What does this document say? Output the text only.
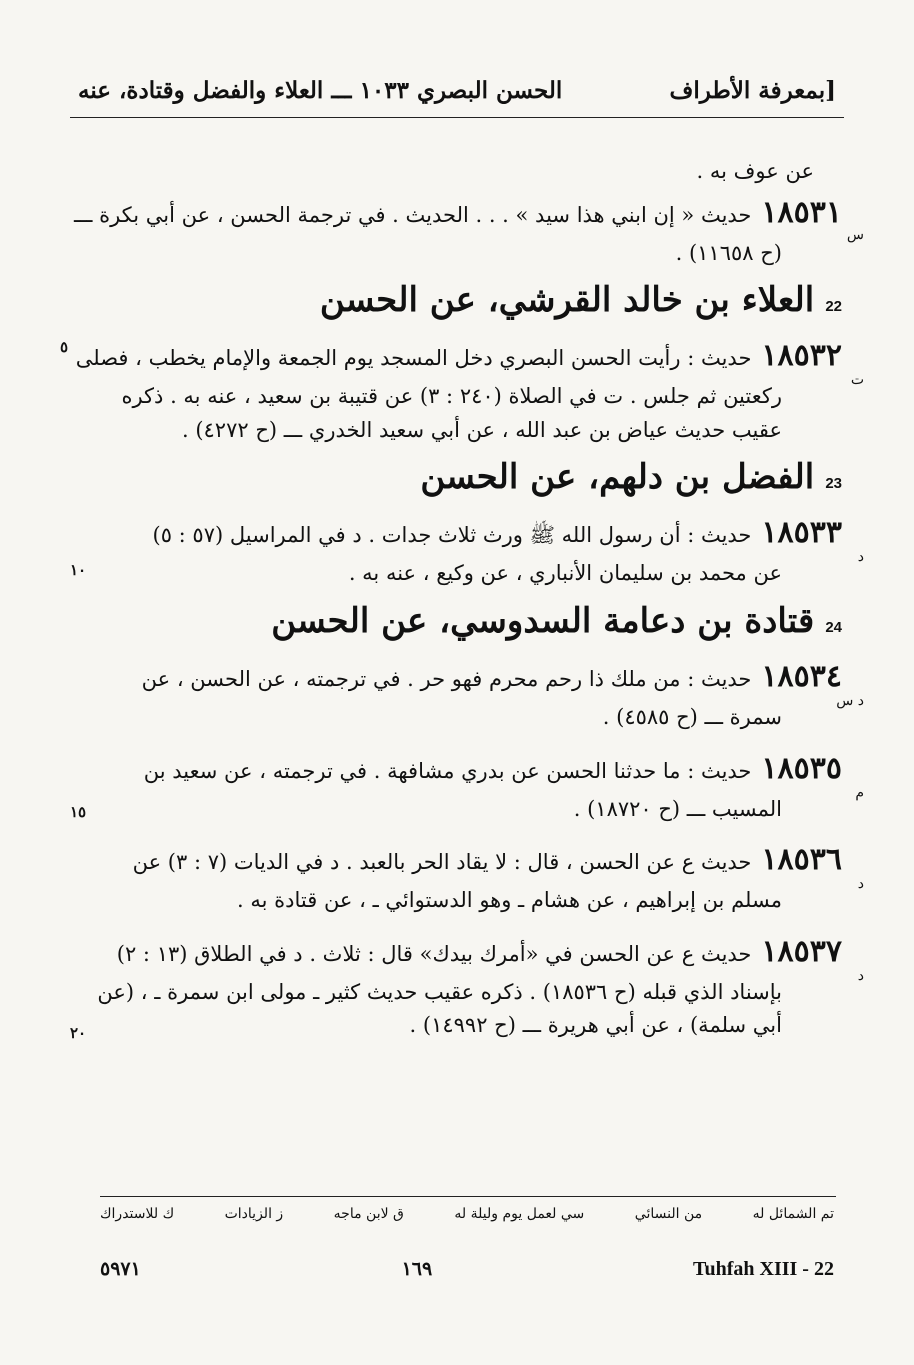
بمعرفة الأطراف]
الحسن البصري ١٠٣٣ ـــ العلاء والفضل وقتادة، عنه
عن عوف به .
١٨٥٣١حديث « إن ابني هذا سيد » . . . الحديث . في ترجمة الحسن ، عن أبي بكرة ـــ
س
(ح ١١٦٥٨) .
22 العلاء بن خالد القرشي، عن الحسن
١٨٥٣٢حديث : رأيت الحسن البصري دخل المسجد يوم الجمعة والإمام يخطب ، فصلى
ت
٥
ركعتين ثم جلس . ت في الصلاة (٢٤٠ : ٣) عن قتيبة بن سعيد ، عنه به . ذكره
عقيب حديث عياض بن عبد الله ، عن أبي سعيد الخدري ـــ (ح ٤٢٧٢) .
23 الفضل بن دلهم، عن الحسن
١٨٥٣٣حديث : أن رسول الله ﷺ ورث ثلاث جدات . د في المراسيل (٥٧ : ٥)
د
عن محمد بن سليمان الأنباري ، عن وكيع ، عنه به .
١٠
24 قتادة بن دعامة السدوسي، عن الحسن
١٨٥٣٤حديث : من ملك ذا رحم محرم فهو حر . في ترجمته ، عن الحسن ، عن
د س
سمرة ـــ (ح ٤٥٨٥) .
١٨٥٣٥حديث : ما حدثنا الحسن عن بدري مشافهة . في ترجمته ، عن سعيد بن
م
المسيب ـــ (ح ١٨٧٢٠) .
١٥
١٨٥٣٦حديث ع عن الحسن ، قال : لا يقاد الحر بالعبد . د في الديات (٧ : ٣) عن
د
مسلم بن إبراهيم ، عن هشام ـ وهو الدستوائي ـ ، عن قتادة به .
١٨٥٣٧حديث ع عن الحسن في «أمرك بيدك» قال : ثلاث . د في الطلاق (١٣ : ٢)
د
بإسناد الذي قبله (ح ١٨٥٣٦) . ذكره عقيب حديث كثير ـ مولى ابن سمرة ـ ، (عن
أبي سلمة) ، عن أبي هريرة ـــ (ح ١٤٩٩٢) .
٢٠
تم الشمائل له
من النسائي
سي لعمل يوم وليلة له
ق لابن ماجه
ز الزيادات
ك للاستدراك
٥٩٧١	١٦٩	Tuhfah XIII - 22
